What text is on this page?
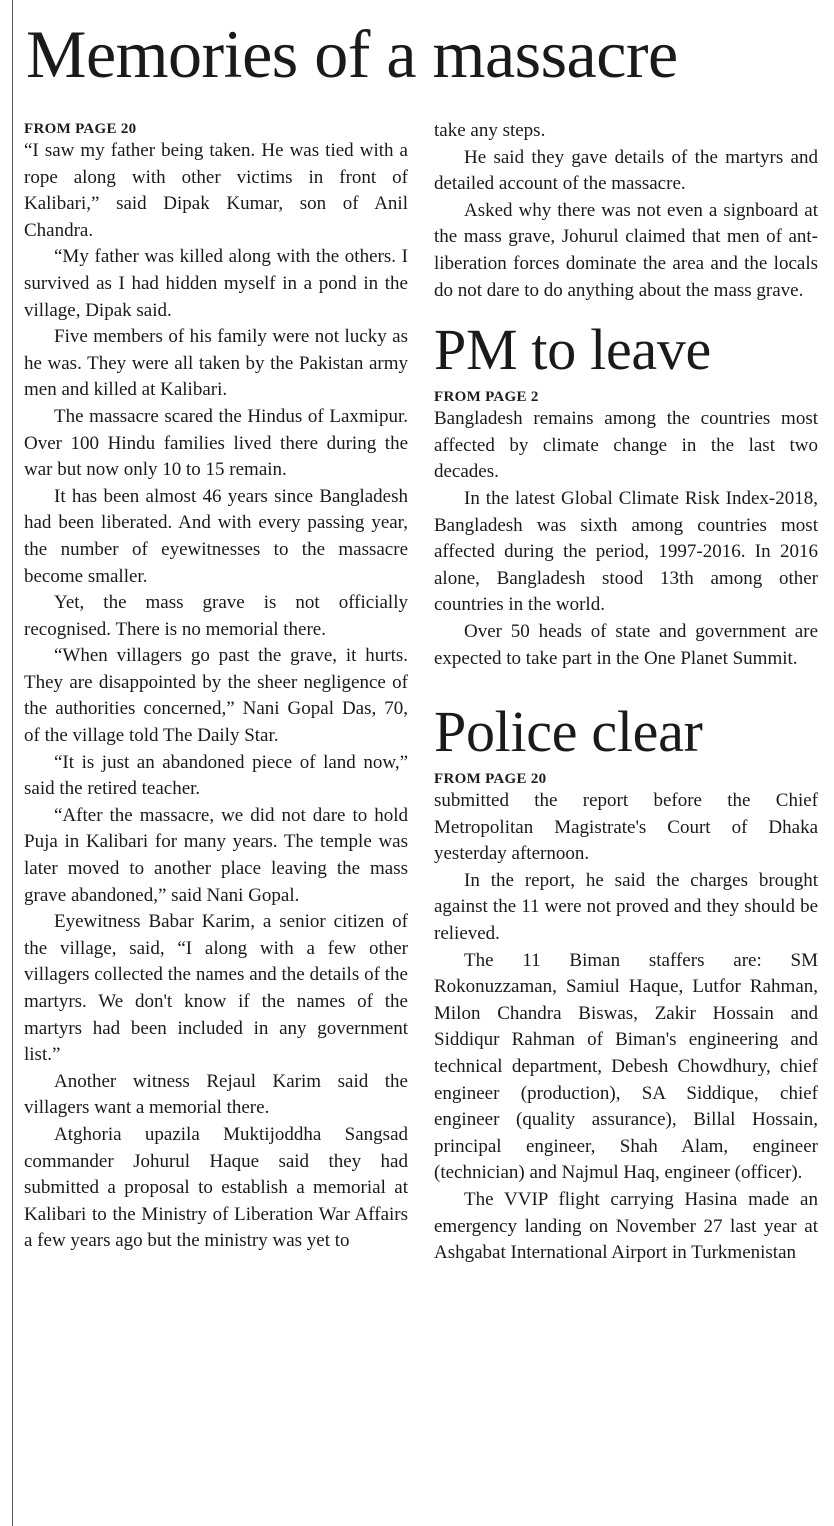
Memories of a massacre
FROM PAGE 20

“I saw my father being taken. He was tied with a rope along with other victims in front of Kalibari,” said Dipak Kumar, son of Anil Chandra.

“My father was killed along with the others. I survived as I had hidden myself in a pond in the village, Dipak said.

Five members of his family were not lucky as he was. They were all taken by the Pakistan army men and killed at Kalibari.

The massacre scared the Hindus of Laxmipur. Over 100 Hindu families lived there during the war but now only 10 to 15 remain.

It has been almost 46 years since Bangladesh had been liberated. And with every passing year, the number of eyewitnesses to the massacre become smaller.

Yet, the mass grave is not officially recognised. There is no memorial there.

“When villagers go past the grave, it hurts. They are disappointed by the sheer negligence of the authorities concerned,” Nani Gopal Das, 70, of the village told The Daily Star.

“It is just an abandoned piece of land now,” said the retired teacher.

“After the massacre, we did not dare to hold Puja in Kalibari for many years. The temple was later moved to another place leaving the mass grave abandoned,” said Nani Gopal.

Eyewitness Babar Karim, a senior citizen of the village, said, “I along with a few other villagers collected the names and the details of the martyrs. We don't know if the names of the martyrs had been included in any government list.”

Another witness Rejaul Karim said the villagers want a memorial there.

Atghoria upazila Muktijoddha Sangsad commander Johurul Haque said they had submitted a proposal to establish a memorial at Kalibari to the Ministry of Liberation War Affairs a few years ago but the ministry was yet to

take any steps.

He said they gave details of the martyrs and detailed account of the massacre.

Asked why there was not even a signboard at the mass grave, Johurul claimed that men of ant-liberation forces dominate the area and the locals do not dare to do anything about the mass grave.

PM to leave
FROM PAGE 2

Bangladesh remains among the countries most affected by climate change in the last two decades.

In the latest Global Climate Risk Index-2018, Bangladesh was sixth among countries most affected during the period, 1997-2016. In 2016 alone, Bangladesh stood 13th among other countries in the world.

Over 50 heads of state and government are expected to take part in the One Planet Summit.

Police clear
FROM PAGE 20

submitted the report before the Chief Metropolitan Magistrate's Court of Dhaka yesterday afternoon.

In the report, he said the charges brought against the 11 were not proved and they should be relieved.

The 11 Biman staffers are: SM Rokonuzzaman, Samiul Haque, Lutfor Rahman, Milon Chandra Biswas, Zakir Hossain and Siddiqur Rahman of Biman's engineering and technical department, Debesh Chowdhury, chief engineer (production), SA Siddique, chief engineer (quality assurance), Billal Hossain, principal engineer, Shah Alam, engineer (technician) and Najmul Haq, engineer (officer).

The VVIP flight carrying Hasina made an emergency landing on November 27 last year at Ashgabat International Airport in Turkmenistan
